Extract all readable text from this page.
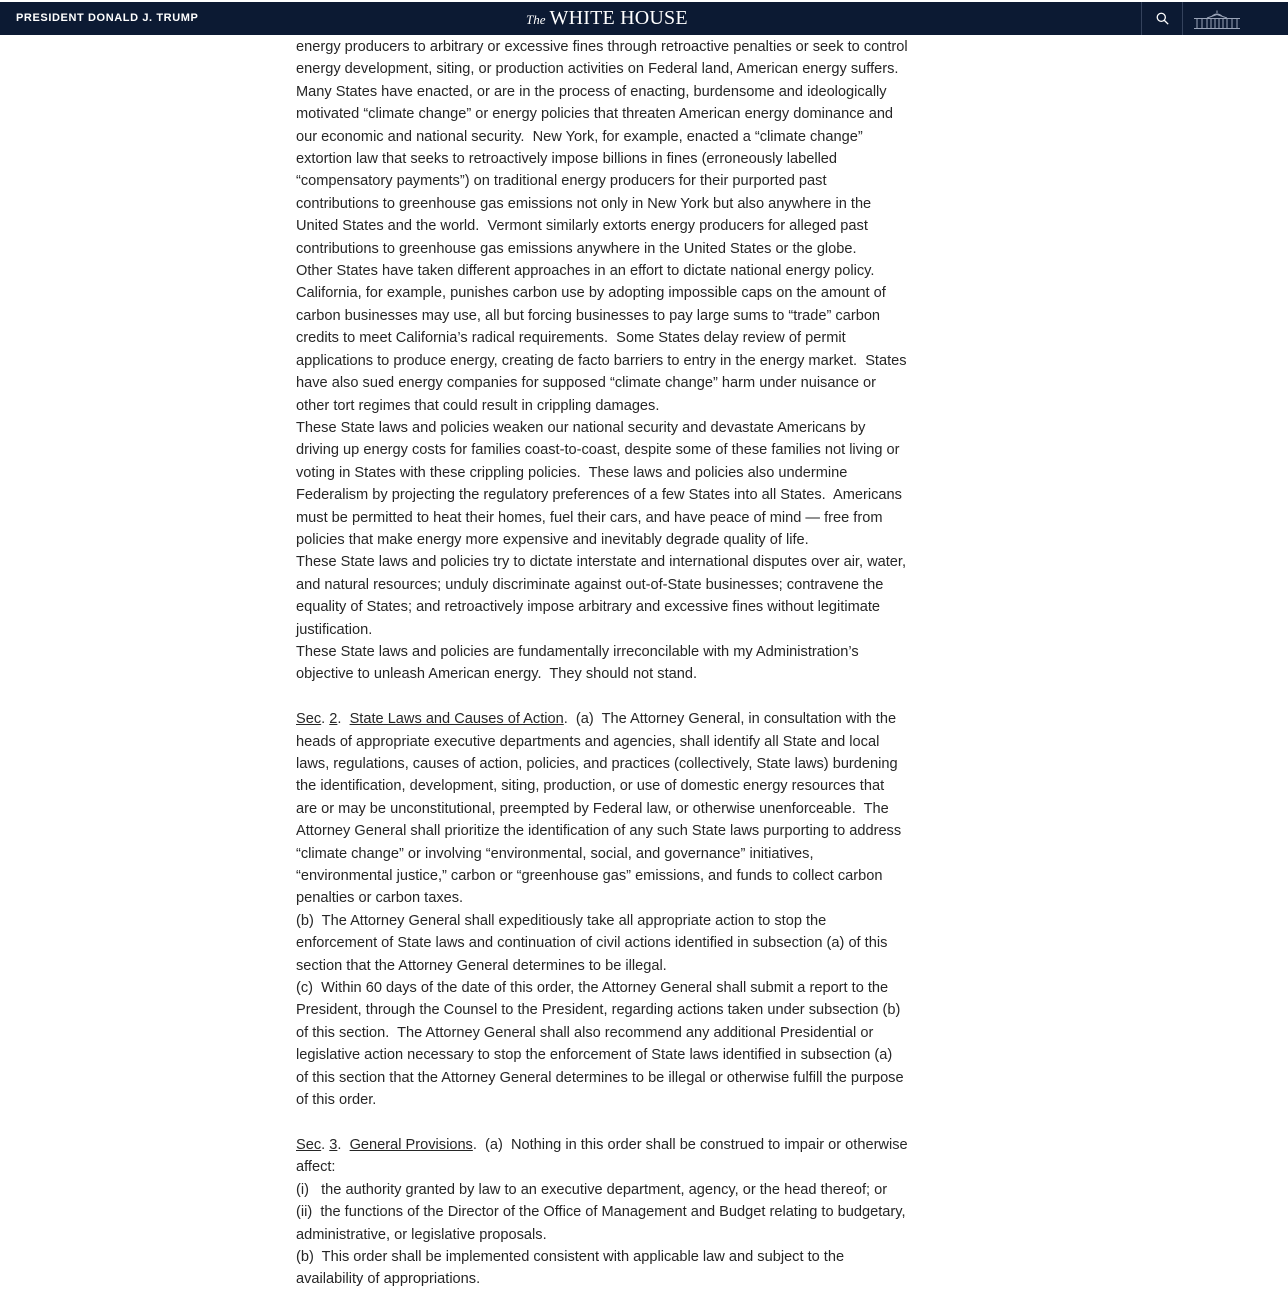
PRESIDENT DONALD J. TRUMP	The WHITE HOUSE

energy producers to arbitrary or excessive fines through retroactive penalties or seek to control energy development, siting, or production activities on Federal land, American energy suffers.

Many States have enacted, or are in the process of enacting, burdensome and ideologically motivated “climate change” or energy policies that threaten American energy dominance and our economic and national security.  New York, for example, enacted a “climate change” extortion law that seeks to retroactively impose billions in fines (erroneously labelled “compensatory payments”) on traditional energy producers for their purported past contributions to greenhouse gas emissions not only in New York but also anywhere in the United States and the world.  Vermont similarly extorts energy producers for alleged past contributions to greenhouse gas emissions anywhere in the United States or the globe.

Other States have taken different approaches in an effort to dictate national energy policy.  California, for example, punishes carbon use by adopting impossible caps on the amount of carbon businesses may use, all but forcing businesses to pay large sums to “trade” carbon credits to meet California’s radical requirements.  Some States delay review of permit applications to produce energy, creating de facto barriers to entry in the energy market.  States have also sued energy companies for supposed “climate change” harm under nuisance or other tort regimes that could result in crippling damages.

These State laws and policies weaken our national security and devastate Americans by driving up energy costs for families coast-to-coast, despite some of these families not living or voting in States with these crippling policies.  These laws and policies also undermine Federalism by projecting the regulatory preferences of a few States into all States.  Americans must be permitted to heat their homes, fuel their cars, and have peace of mind — free from policies that make energy more expensive and inevitably degrade quality of life.

These State laws and policies try to dictate interstate and international disputes over air, water, and natural resources; unduly discriminate against out-of-State businesses; contravene the equality of States; and retroactively impose arbitrary and excessive fines without legitimate justification.

These State laws and policies are fundamentally irreconcilable with my Administration’s objective to unleash American energy.  They should not stand.

Sec. 2.  State Laws and Causes of Action.  (a)  The Attorney General, in consultation with the heads of appropriate executive departments and agencies, shall identify all State and local laws, regulations, causes of action, policies, and practices (collectively, State laws) burdening the identification, development, siting, production, or use of domestic energy resources that are or may be unconstitutional, preempted by Federal law, or otherwise unenforceable.  The Attorney General shall prioritize the identification of any such State laws purporting to address “climate change” or involving “environmental, social, and governance” initiatives, “environmental justice,” carbon or “greenhouse gas” emissions, and funds to collect carbon penalties or carbon taxes.

(b)  The Attorney General shall expeditiously take all appropriate action to stop the enforcement of State laws and continuation of civil actions identified in subsection (a) of this section that the Attorney General determines to be illegal.

(c)  Within 60 days of the date of this order, the Attorney General shall submit a report to the President, through the Counsel to the President, regarding actions taken under subsection (b) of this section.  The Attorney General shall also recommend any additional Presidential or legislative action necessary to stop the enforcement of State laws identified in subsection (a) of this section that the Attorney General determines to be illegal or otherwise fulfill the purpose of this order.

Sec. 3.  General Provisions.  (a)  Nothing in this order shall be construed to impair or otherwise affect:

(i)   the authority granted by law to an executive department, agency, or the head thereof; or

(ii)  the functions of the Director of the Office of Management and Budget relating to budgetary, administrative, or legislative proposals.

(b)  This order shall be implemented consistent with applicable law and subject to the availability of appropriations.
